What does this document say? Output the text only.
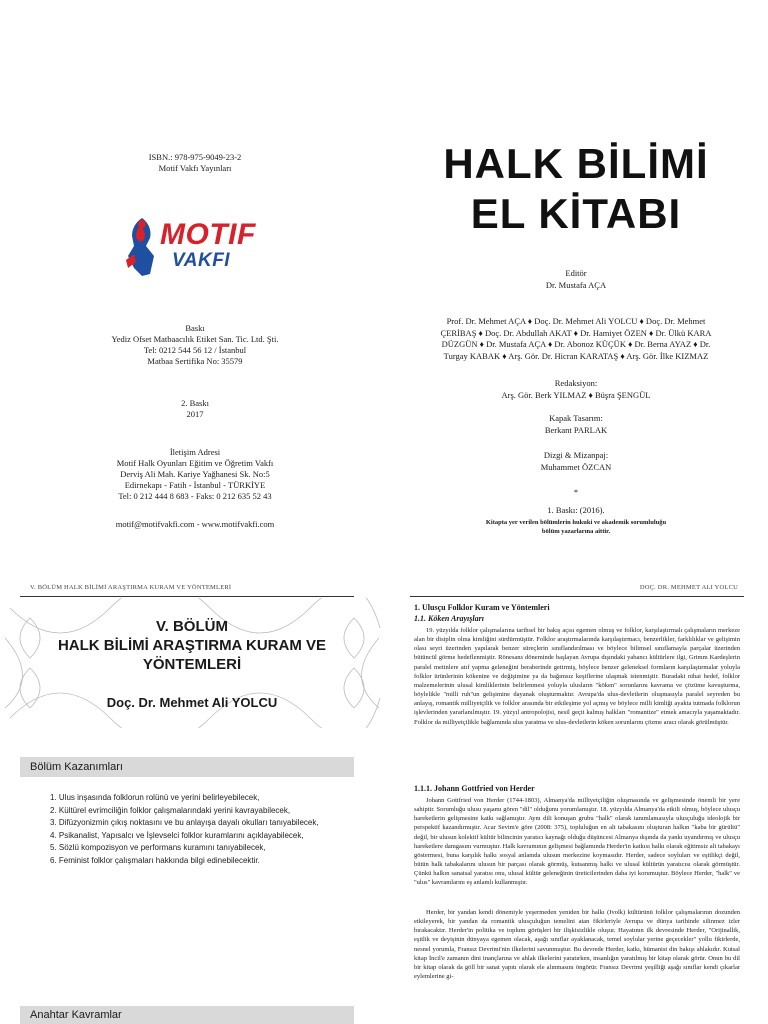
ISBN.: 978-975-9049-23-2
Motif Vakfı Yayınları
MOTIF
VAKFI
Baskı
Yediz Ofset Matbaacılık Etiket San. Tic. Ltd. Şti.
Tel: 0212 544 56 12 / İstanbul
Matbaa Sertifika No: 35579
2. Baskı
2017
İletişim Adresi
Motif Halk Oyunları Eğitim ve Öğretim Vakfı
Derviş Ali Mah. Kariye Yağhanesi Sk. No:5
Edirnekapı - Fatih - İstanbul - TÜRKİYE
Tel: 0 212 444 8 683 - Faks: 0 212 635 52 43
motif@motifvakfi.com - www.motifvakfi.com
HALK BİLİMİ
EL KİTABI
Editör
Dr. Mustafa AÇA
Prof. Dr. Mehmet AÇA ♦ Doç. Dr. Mehmet Ali YOLCU ♦ Doç. Dr. Mehmet
ÇERİBAŞ ♦ Doç. Dr. Abdullah AKAT ♦ Dr. Hamiyet ÖZEN ♦ Dr. Ülkü KARA
DÜZGÜN ♦ Dr. Mustafa AÇA ♦ Dr. Abonoz KÜÇÜK ♦ Dr. Berna AYAZ ♦ Dr.
Turgay KABAK ♦ Arş. Gör. Dr. Hicran KARATAŞ ♦ Arş. Gör. İlke KIZMAZ
Redaksiyon:
Arş. Gör. Berk YILMAZ ♦ Büşra ŞENGÜL
Kapak Tasarım:
Berkant PARLAK
Dizgi & Mizanpaj:
Muhammet ÖZCAN
*
1. Baskı: (2016).
Kitapta yer verilen bölümlerin hukuki ve akademik sorumluluğu
bölüm yazarlarına aittir.
V. BÖLÜM HALK BİLİMİ ARAŞTIRMA KURAM VE YÖNTEMLERİ
V. BÖLÜM
HALK BİLİMİ ARAŞTIRMA KURAM VE
YÖNTEMLERİ
Doç. Dr. Mehmet Ali YOLCU
Bölüm Kazanımları
1. Ulus inşasında folklorun rolünü ve yerini belirleyebilecek,
2. Kültürel evrimciliğin folklor çalışmalarındaki yerini kavrayabilecek,
3. Difüzyonizmin çıkış noktasını ve bu anlayışa dayalı okulları tanıyabilecek,
4. Psikanalist, Yapısalcı ve İşlevselci folklor kuramlarını açıklayabilecek,
5. Sözlü kompozisyon ve performans kuramını tanıyabilecek,
6. Feminist folklor çalışmaları hakkında bilgi edinebilecektir.
Anahtar Kavramlar
DOÇ. DR. MEHMET ALI YOLCU
1. Ulusçu Folklor Kuram ve Yöntemleri
1.1. Köken Arayışları

19. yüzyılda folklor çalışmalarına tarihsel bir bakış açısı egemen olmuş ve folklor, karşılaştırmalı çalışmaların merkeze alan bir disiplin olma kimliğini sürdürmüştür. Folklor araştırmalarında karşılaştırmacı, benzerlikler, farklılıklar ve gelişimin olası seyri üzerinden yapılarak benzer süreçlerin sınıflandırılması ve böylece bilimsel sınıflamayla parçalar üzerinden bütüncül görme hedeflenmiştir. Rönesans döneminde başlayan Avrupa dışındaki yabancı kültürlere ilgi, Grimm Kardeşlerin paralel metinlere atıf yapma geleneğini beraberinde getirmiş, böylece benzer geleneksel formların karşılaştırmalar yoluyla folklor ürünlerinin kökenine ve değişimine ya da bağımsız keşiflerine ulaşmak istenmiştir. Buradaki nihai hedef, folklor malzemelerinin ulusal kimliklerinin belirlenmesi yoluyla ulusların "köken" sorunlarını kavrama ve çözüme kavuşturma, böylelikle "milli ruh"un gelişimine dayanak oluşturmaktır. Avrupa'da ulus-devletlerin oluşmasıyla paralel seyreden bu anlayış, romantik milliyetçilik ve folklor arasında bir etkileşime yol açmış ve böylece milli kimliği ayakta tutmada folklorun işlevlerinden yararlanılmıştır. 19. yüzyıl antropolojisi, nesil geçit kalmış halkları "romantize" etmek amacıyla yaşamaktadır. Folklor da milliyetçilikle bağlamında ulus yaratma ve ulus-devletlerin köken sorunlarını çözme aracı olarak görülmüştür.

1.1.1. Johann Gottfried von Herder

Johann Gottfried von Herder (1744-1803), Almanya'da milliyetçiliğin oluşmasında ve gelişmesinde önemli bir yere sahiptir. Sorumluğu ulusu yaşamı gören "dil" olduğunu yorumlamıştır. 18. yüzyılda Almanya'da etkili olmuş, böylece ulusçu hareketlerin gelişmesine katkı sağlamıştır. Aynı dili konuşan grubu "halk" olarak tanımlamasıyla ulusçuluğu ideolojik bir perspektif kazandırmıştır. Acar Sevim'e göre (2008: 375), topluluğun en alt tabakasını oluşturan halkın "kaba bir gürültü" değil, bir ulusun kolektif kültür bilincinin yaratıcı kaynağı olduğu düşüncesi Almanya dışında da yankı uyandırmış ve ulusçu hareketlere damgasını vurmuştur. Halk kavramının gelişmesi bağlamında Herder'in katkısı halkı olarak eğitimsiz alt tabakayı göstermesi, buna karşılık halkı sosyal anlamda ulusun merkezine koymasıdır. Herder, sadece soyluları ve eşitlikçi değil, bütün halk tabakalarını ulusun bir parçası olarak görmüş, kutsanmış halkı ve ulusal kültürün yaratıcısı olarak görmüştür. Çünkü halkın sanatsal yaratısı onu, ulusal kültür geleneğinin üreticilerinden daha iyi korumuştur. Böylece Herder, "halk" ve "ulus" kavramlarını eş anlamlı kullanmıştır.

Herder, bir yandan kendi dönemiyle yeşermeden yeniden bir halkı (Ivolk) kültürünü folklor çalışmalarının dozunden etkileyerek, bir yandan da romantik ulusçuluğun temelini atan fikirleriyle Avrupa ve dünya tarihinde silinmez izler bırakacaktır. Herder'in politika ve toplum görüşleri bir ilişkisizlikle oluşur. Hayatının ilk devresinde Herder, "Orijinallik, eşitlik ve deyişinin dünyaya egemen olacak, aşağı sınıflar ayaklanacak, temel soylular yerine geçecekler" yollu fikirlerde, nesnel yorumla, Fransız Devrimi'nin ilkelerini savunmuştur. Bu devrede Herder, katkı, hümanist din bakışı ahlakıdır. Kutsal kitap İncil'e zamanın dini inançlarına ve ahlak ilkelerini yaratırken, insanlığın yaratılmış bir kitap olarak görür. Onun bu dil bir kitap olarak da göll bir sanat yapıtı olarak ele alınmasını öngörür. Fransız Devrimi yeşilliği aşağı sınıflar kendi çıkarlar eylemlerine gi-
